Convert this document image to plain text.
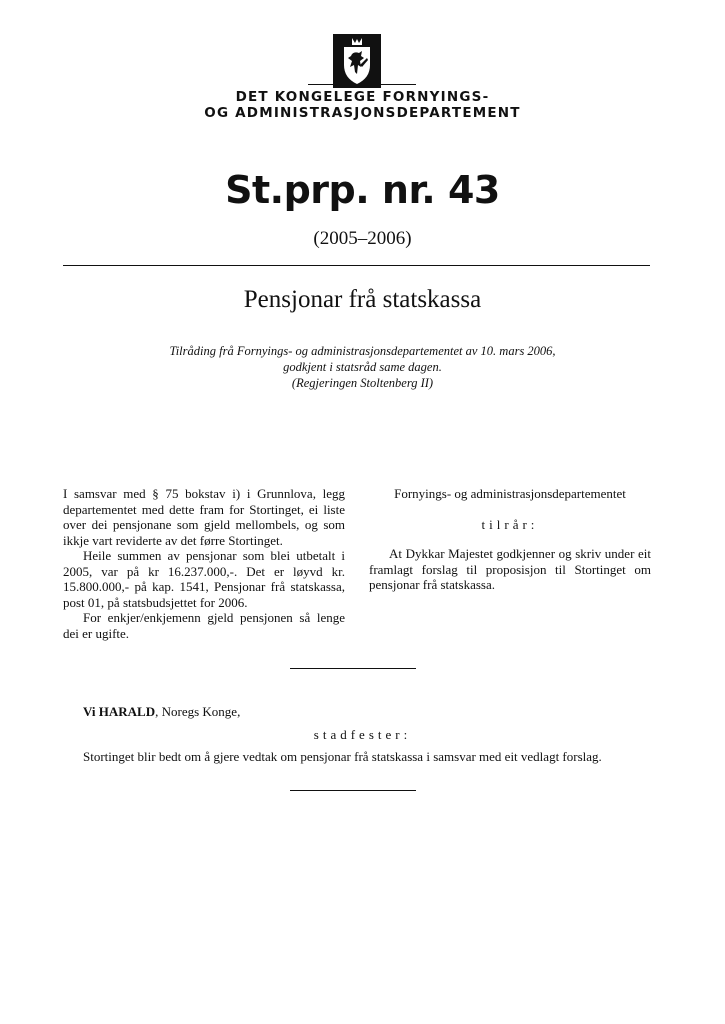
DET KONGELEGE FORNYINGS-
OG ADMINISTRASJONSDEPARTEMENT
St.prp. nr. 43
(2005–2006)
Pensjonar frå statskassa
Tilråding frå Fornyings- og administrasjonsdepartementet av 10. mars 2006,
godkjent i statsråd same dagen.
(Regjeringen Stoltenberg II)

I samsvar med § 75 bokstav i) i Grunnlova, legg departementet med dette fram for Stortinget, ei liste over dei pensjonane som gjeld mellombels, og som ikkje vart reviderte av det førre Stortinget.

Heile summen av pensjonar som blei utbetalt i 2005, var på kr 16.237.000,-. Det er løyvd kr. 15.800.000,- på kap. 1541, Pensjonar frå statskassa, post 01, på statsbudsjettet for 2006.

For enkjer/enkjemenn gjeld pensjonen så lenge dei er ugifte.

Fornyings- og administrasjonsdepartementet

tilrår:

At Dykkar Majestet godkjenner og skriv under eit framlagt forslag til proposisjon til Stortinget om pensjonar frå statskassa.

Vi HARALD, Noregs Konge,
stadfester:
Stortinget blir bedt om å gjere vedtak om pensjonar frå statskassa i samsvar med eit vedlagt forslag.
